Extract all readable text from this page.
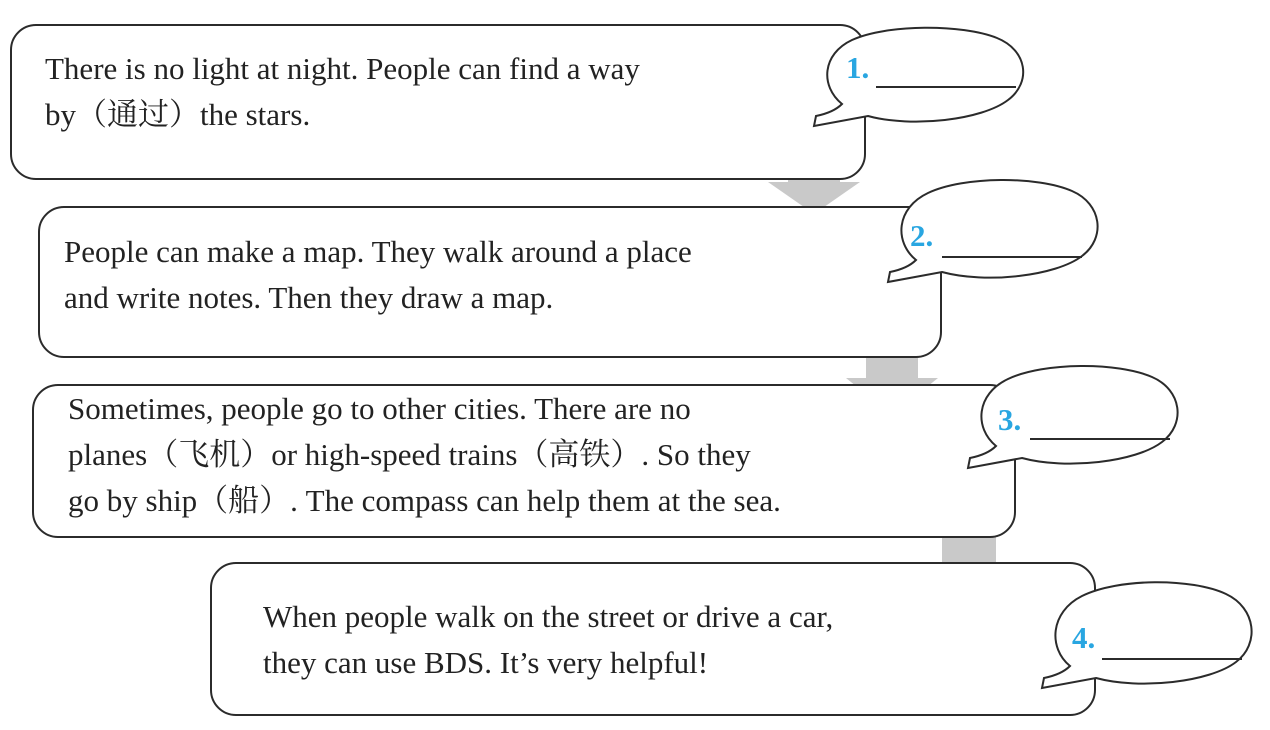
There is no light at night. People can find a way
by（通过）the stars.
People can make a map. They walk around a place
and write notes. Then they draw a map.
Sometimes, people go to other cities. There are no
planes（飞机）or high-speed trains（高铁）. So they
go by ship（船）. The compass can help them at the sea.
When people walk on the street or drive a car,
they can use BDS. It’s very helpful!
1.
2.
3.
4.
